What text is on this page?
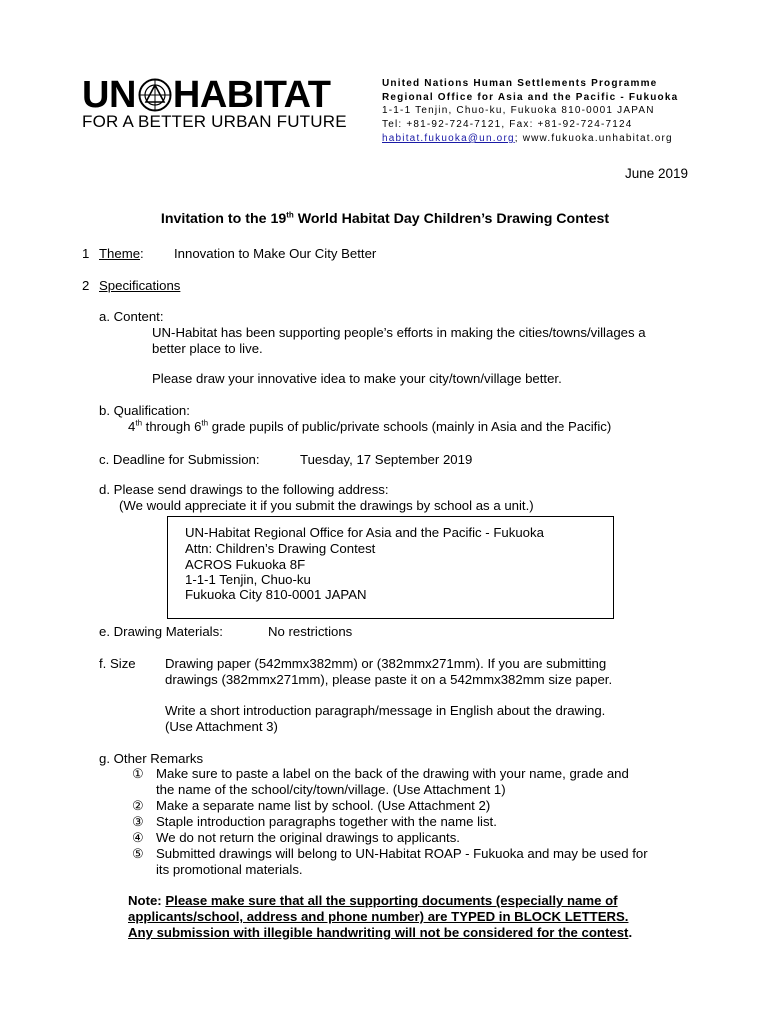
UN HABITAT
FOR A BETTER URBAN FUTURE
United Nations Human Settlements Programme
Regional Office for Asia and the Pacific - Fukuoka
1-1-1 Tenjin, Chuo-ku, Fukuoka 810-0001 JAPAN
Tel: +81-92-724-7121, Fax: +81-92-724-7124
habitat.fukuoka@un.org; www.fukuoka.unhabitat.org
June 2019
Invitation to the 19th World Habitat Day Children’s Drawing Contest
1 Theme: Innovation to Make Our City Better
2 Specifications
a. Content:
UN-Habitat has been supporting people’s efforts in making the cities/towns/villages a
better place to live.
Please draw your innovative idea to make your city/town/village better.
b. Qualification:
4th through 6th grade pupils of public/private schools (mainly in Asia and the Pacific)
c. Deadline for Submission:	Tuesday, 17 September 2019
d. Please send drawings to the following address:
(We would appreciate it if you submit the drawings by school as a unit.)
UN-Habitat Regional Office for Asia and the Pacific - Fukuoka
Attn: Children’s Drawing Contest
ACROS Fukuoka 8F
1-1-1 Tenjin, Chuo-ku
Fukuoka City 810-0001 JAPAN
e. Drawing Materials:	No restrictions
f. Size Drawing paper (542mmx382mm) or (382mmx271mm). If you are submitting
drawings (382mmx271mm), please paste it on a 542mmx382mm size paper.
Write a short introduction paragraph/message in English about the drawing.
(Use Attachment 3)
g. Other Remarks
① Make sure to paste a label on the back of the drawing with your name, grade and
the name of the school/city/town/village. (Use Attachment 1)
② Make a separate name list by school. (Use Attachment 2)
③ Staple introduction paragraphs together with the name list.
④ We do not return the original drawings to applicants.
⑤ Submitted drawings will belong to UN-Habitat ROAP - Fukuoka and may be used for
its promotional materials.
Note: Please make sure that all the supporting documents (especially name of
applicants/school, address and phone number) are TYPED in BLOCK LETTERS.
Any submission with illegible handwriting will not be considered for the contest.
